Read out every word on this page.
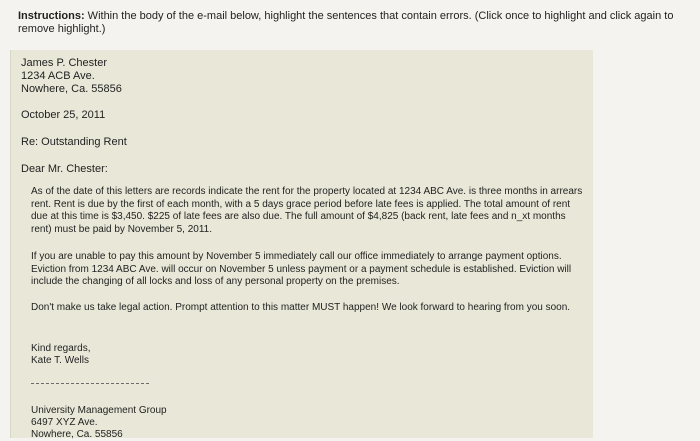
Instructions: Within the body of the e-mail below, highlight the sentences that contain errors. (Click once to highlight and click again to remove highlight.)
James P. Chester
1234 ACB Ave.
Nowhere, Ca. 55856
October 25, 2011
Re: Outstanding Rent
Dear Mr. Chester:
As of the date of this letters are records indicate the rent for the property located at 1234 ABC Ave. is three months in arrears rent. Rent is due by the first of each month, with a 5 days grace period before late fees is applied. The total amount of rent due at this time is $3,450. $225 of late fees are also due. The full amount of $4,825 (back rent, late fees and n_xt months rent) must be paid by November 5, 2011.
If you are unable to pay this amount by November 5 immediately call our office immediately to arrange payment options. Eviction from 1234 ABC Ave. will occur on November 5 unless payment or a payment schedule is established. Eviction will include the changing of all locks and loss of any personal property on the premises.
Don't make us take legal action. Prompt attention to this matter MUST happen! We look forward to hearing from you soon.
Kind regards,
Kate T. Wells
University Management Group
6497 XYZ Ave.
Nowhere, Ca. 55856
